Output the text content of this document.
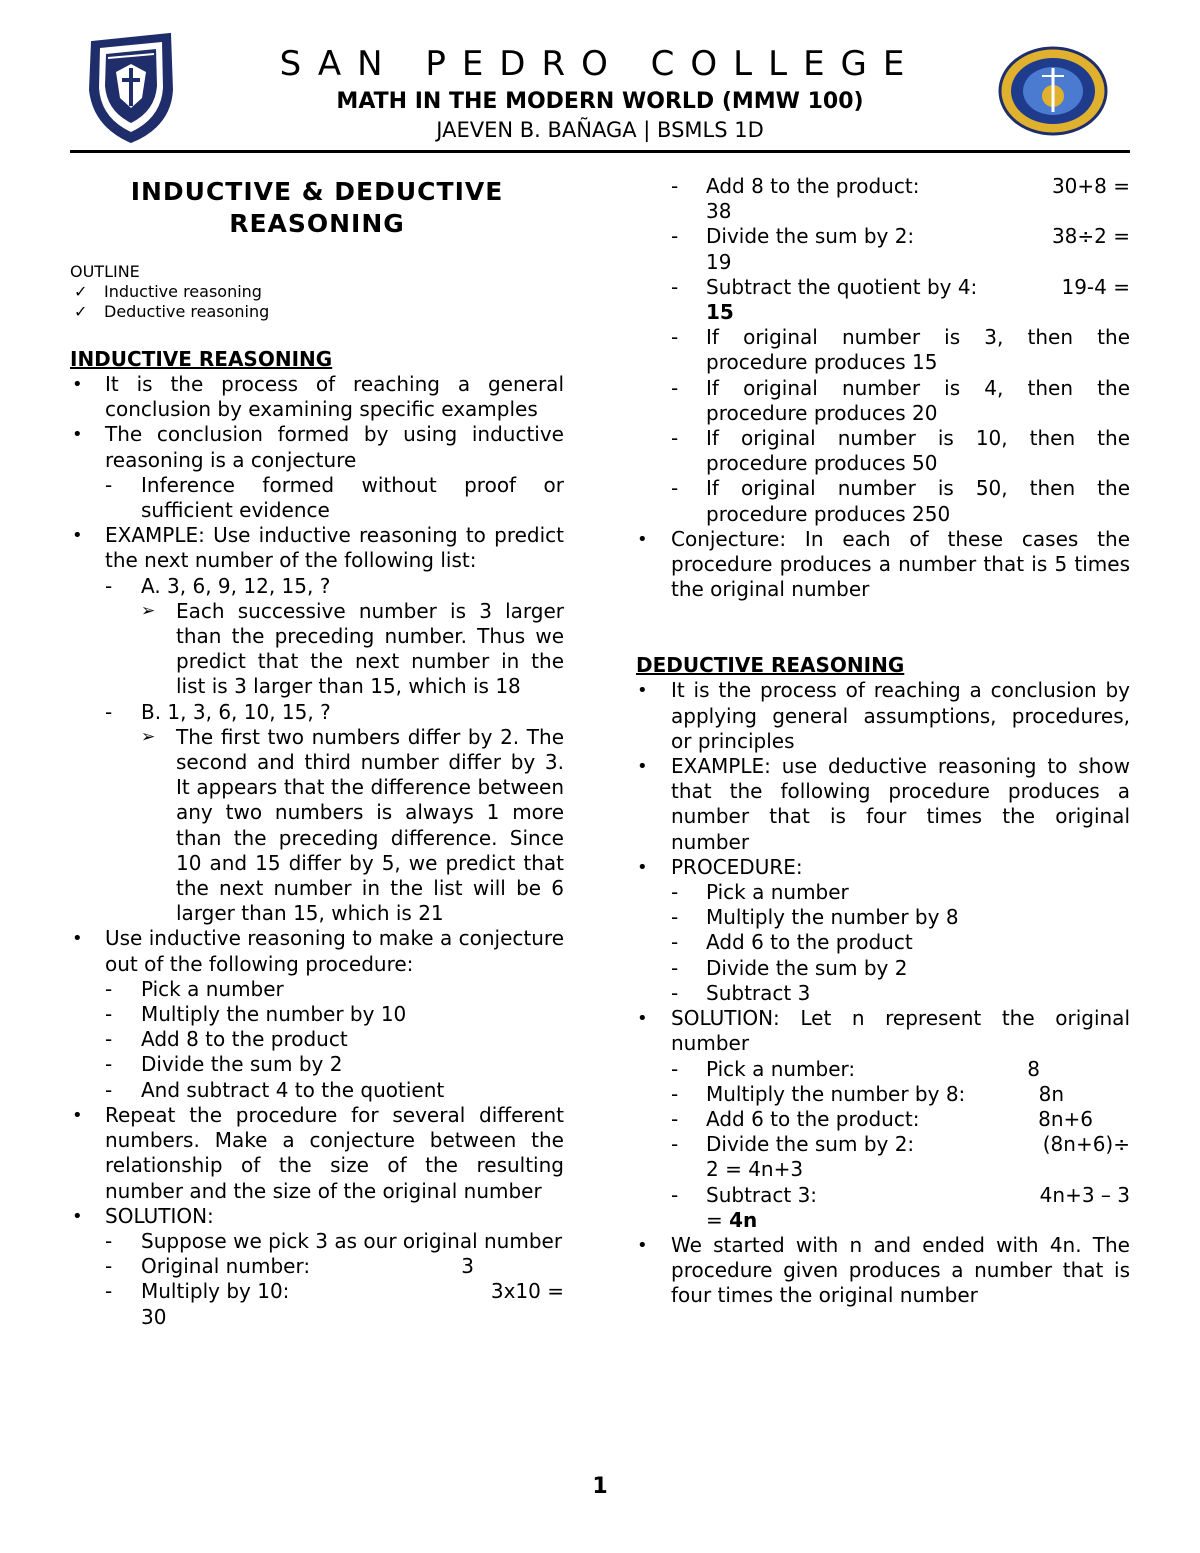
SAN PEDRO COLLEGE

MATH IN THE MODERN WORLD (MMW 100)

JAEVEN B. BAÑAGA | BSMLS 1D

INDUCTIVE & DEDUCTIVE REASONING
OUTLINE
✓ Inductive reasoning
✓ Deductive reasoning
INDUCTIVE REASONING
• It is the process of reaching a general conclusion by examining specific examples
• The conclusion formed by using inductive reasoning is a conjecture
- Inference formed without proof or sufficient evidence
• EXAMPLE: Use inductive reasoning to predict the next number of the following list:
- A. 3, 6, 9, 12, 15, ?
➢ Each successive number is 3 larger than the preceding number. Thus we predict that the next number in the list is 3 larger than 15, which is 18
- B. 1, 3, 6, 10, 15, ?
➢ The first two numbers differ by 2. The second and third number differ by 3. It appears that the difference between any two numbers is always 1 more than the preceding difference. Since 10 and 15 differ by 5, we predict that the next number in the list will be 6 larger than 15, which is 21
• Use inductive reasoning to make a conjecture out of the following procedure:
- Pick a number
- Multiply the number by 10
- Add 8 to the product
- Divide the sum by 2
- And subtract 4 to the quotient
• Repeat the procedure for several different numbers. Make a conjecture between the relationship of the size of the resulting number and the size of the original number
• SOLUTION:
- Suppose we pick 3 as our original number
- Original number:	3
- Multiply by 10:	3x10 =
30
- Add 8 to the product:	30+8 =
38
- Divide the sum by 2:	38÷2 =
19
- Subtract the quotient by 4:	19-4 =
15
- If original number is 3, then the procedure produces 15
- If original number is 4, then the procedure produces 20
- If original number is 10, then the procedure produces 50
- If original number is 50, then the procedure produces 250
• Conjecture: In each of these cases the procedure produces a number that is 5 times the original number
DEDUCTIVE REASONING
• It is the process of reaching a conclusion by applying general assumptions, procedures, or principles
• EXAMPLE: use deductive reasoning to show that the following procedure produces a number that is four times the original number
• PROCEDURE:
- Pick a number
- Multiply the number by 8
- Add 6 to the product
- Divide the sum by 2
- Subtract 3
• SOLUTION: Let n represent the original number
- Pick a number:	8
- Multiply the number by 8:	8n
- Add 6 to the product:	8n+6
- Divide the sum by 2:	(8n+6)÷
2 = 4n+3
- Subtract 3:	4n+3 – 3
= 4n
• We started with n and ended with 4n. The procedure given produces a number that is four times the original number
1
